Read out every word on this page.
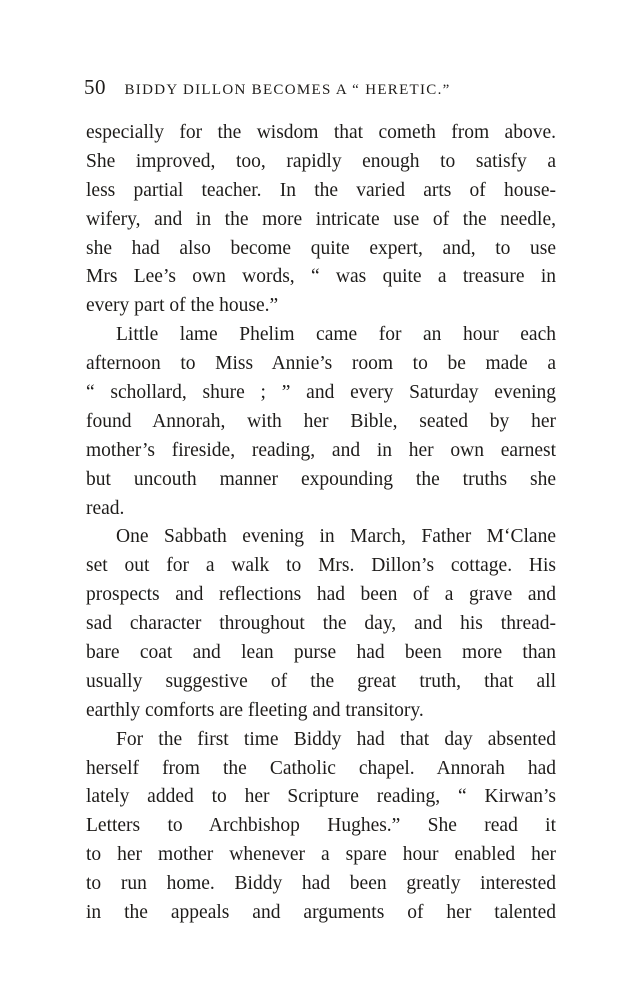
50 BIDDY DILLON BECOMES A “ HERETIC.”
especially for the wisdom that cometh from above.
She improved, too, rapidly enough to satisfy a
less partial teacher. In the varied arts of house-
wifery, and in the more intricate use of the needle,
she had also become quite expert, and, to use
Mrs Lee’s own words, “ was quite a treasure in
every part of the house.”
Little lame Phelim came for an hour each
afternoon to Miss Annie’s room to be made a
“ schollard, shure ; ” and every Saturday evening
found Annorah, with her Bible, seated by her
mother’s fireside, reading, and in her own earnest
but uncouth manner expounding the truths she
read.
One Sabbath evening in March, Father M‘Clane
set out for a walk to Mrs. Dillon’s cottage. His
prospects and reflections had been of a grave and
sad character throughout the day, and his thread-
bare coat and lean purse had been more than
usually suggestive of the great truth, that all
earthly comforts are fleeting and transitory.
For the first time Biddy had that day absented
herself from the Catholic chapel. Annorah had
lately added to her Scripture reading, “ Kirwan’s
Letters to Archbishop Hughes.” She read it
to her mother whenever a spare hour enabled her
to run home. Biddy had been greatly interested
in the appeals and arguments of her talented
